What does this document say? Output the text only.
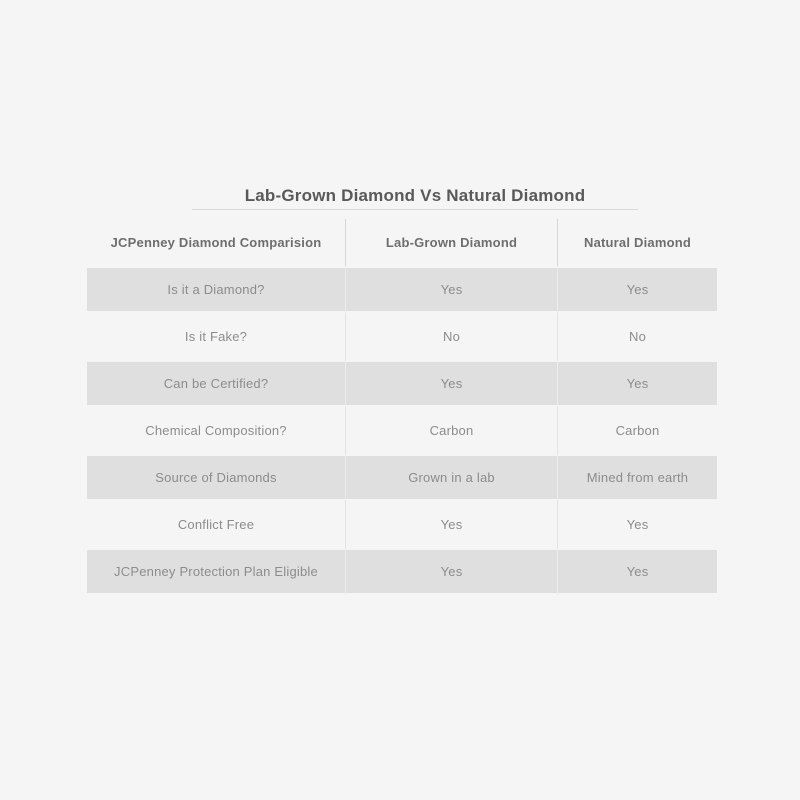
Lab-Grown Diamond Vs Natural Diamond
JCPenney Diamond Comparision	Lab-Grown Diamond	Natural Diamond
Is it a Diamond?	Yes	Yes
Is it Fake?	No	No
Can be Certified?	Yes	Yes
Chemical Composition?	Carbon	Carbon
Source of Diamonds	Grown in a lab	Mined from earth
Conflict Free	Yes	Yes
JCPenney Protection Plan Eligible	Yes	Yes
